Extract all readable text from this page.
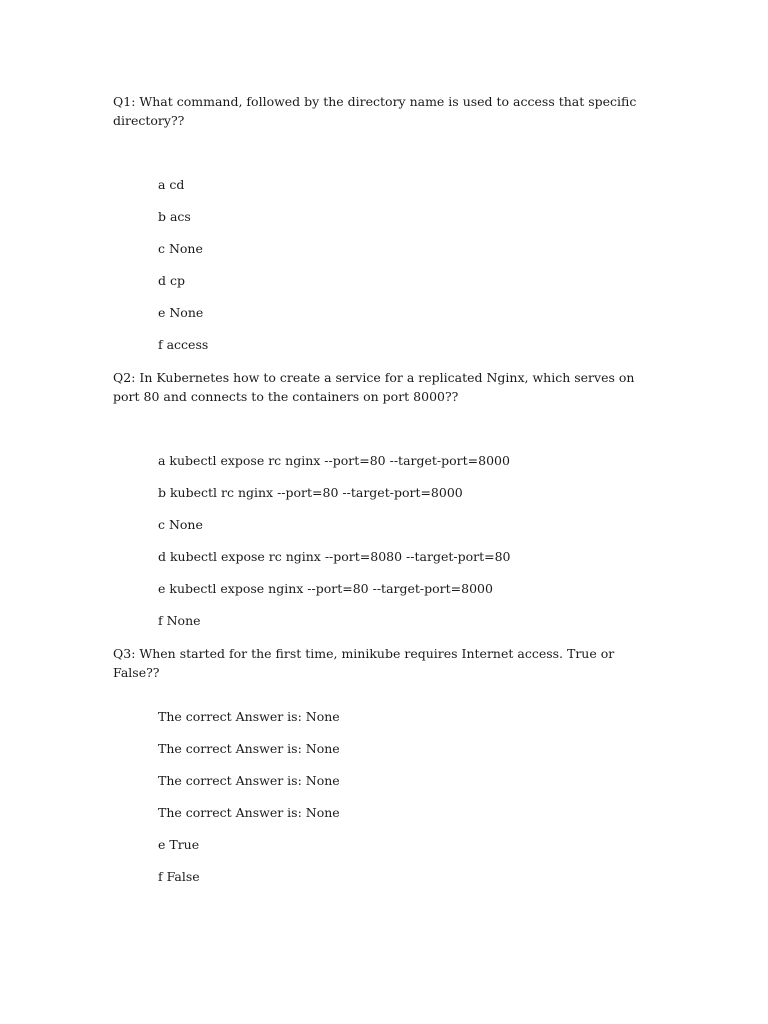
Q1: What command, followed by the directory name is used to access that specific directory??
a cd
b acs
c None
d cp
e None
f access
Q2: In Kubernetes how to create a service for a replicated Nginx, which serves on port 80 and connects to the containers on port 8000??
a kubectl expose rc nginx --port=80 --target-port=8000
b kubectl rc nginx --port=80 --target-port=8000
c None
d kubectl expose rc nginx --port=8080 --target-port=80
e kubectl expose nginx --port=80 --target-port=8000
f None
Q3: When started for the first time, minikube requires Internet access. True or False??
The correct Answer is: None
The correct Answer is: None
The correct Answer is: None
The correct Answer is: None
e True
f False
